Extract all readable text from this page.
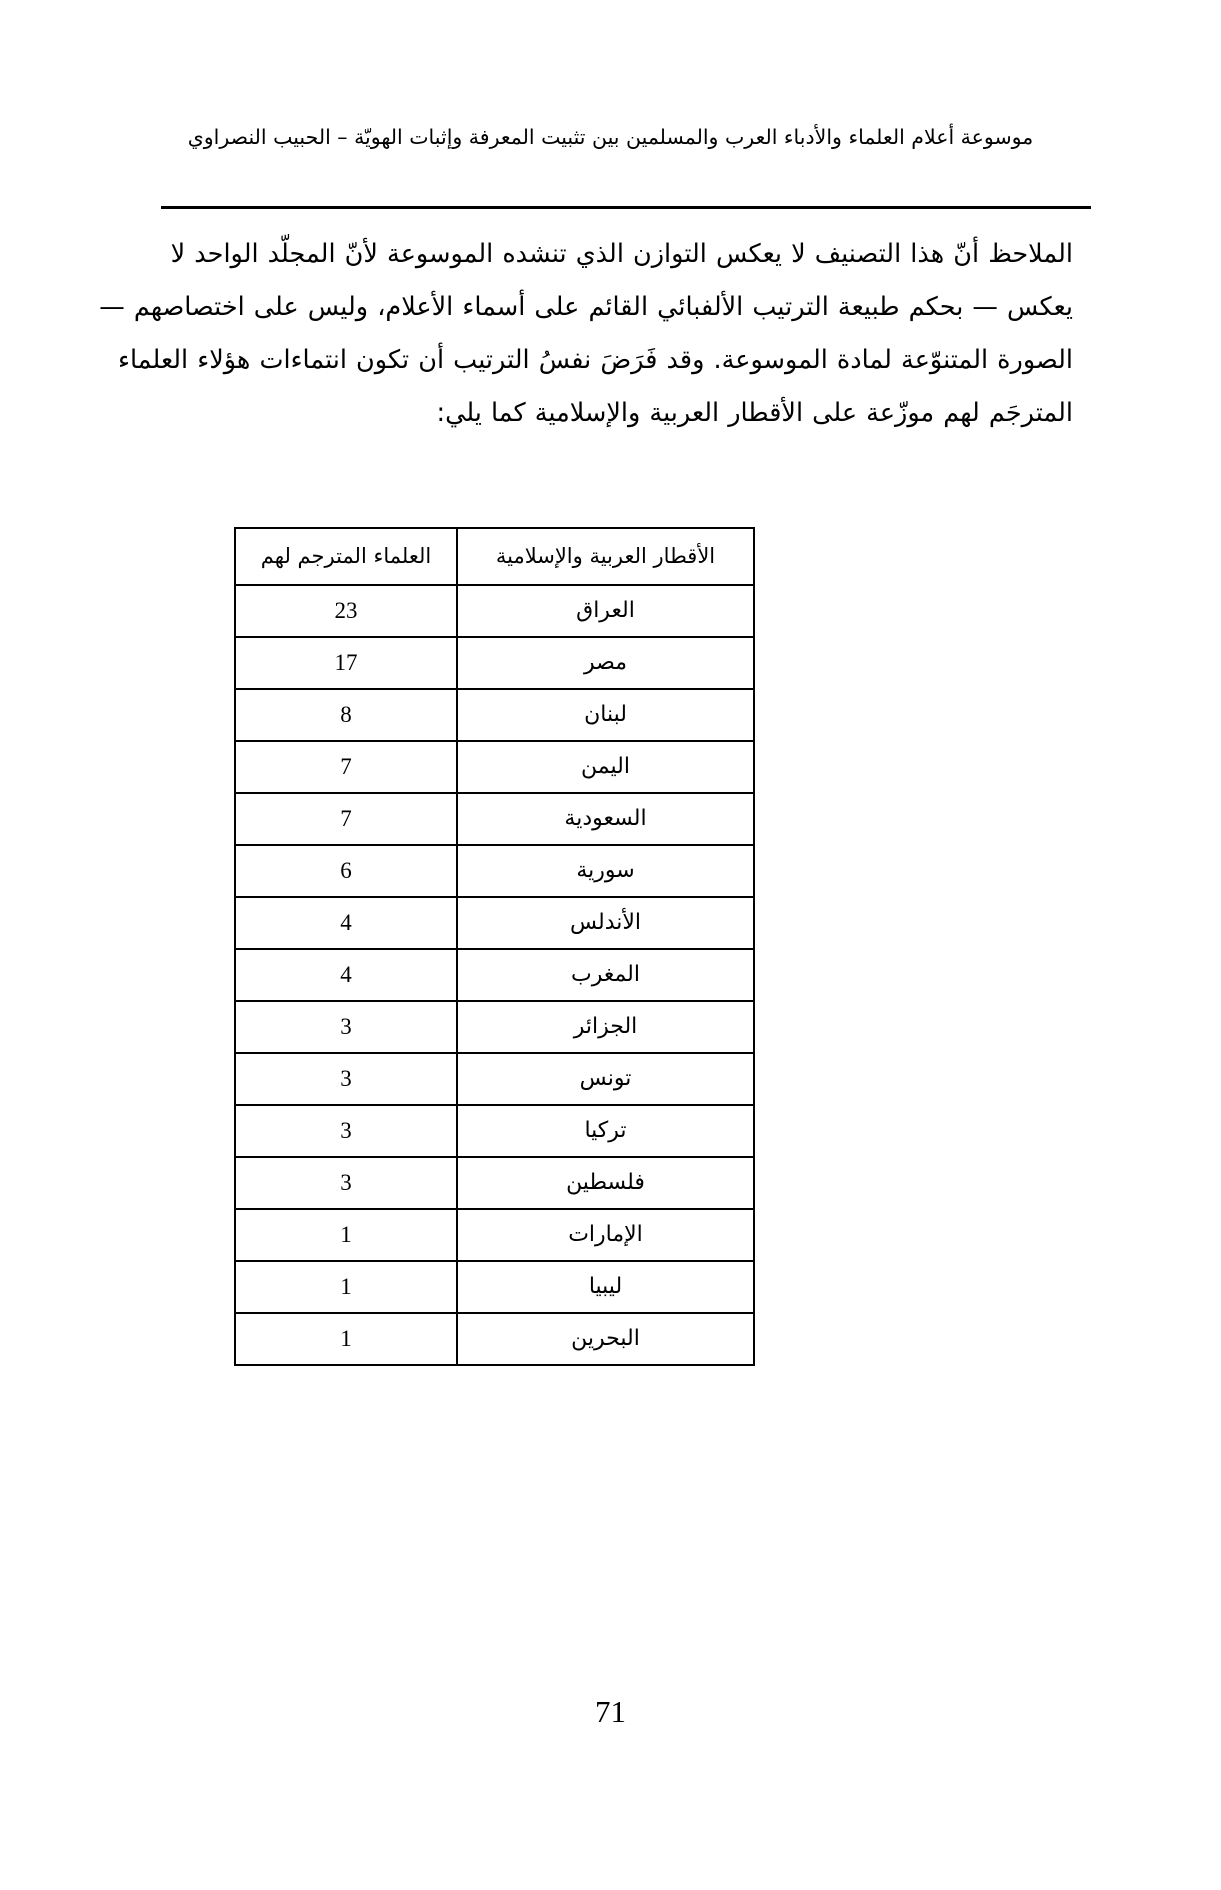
موسوعة أعلام العلماء والأدباء العرب والمسلمين بين تثبيت المعرفة وإثبات الهويّة – الحبيب النصراوي

الملاحظ أنّ هذا التصنيف لا يعكس التوازن الذي تنشده الموسوعة لأنّ المجلّد الواحد لا
يعكس — بحكم طبيعة الترتيب الألفبائي القائم على أسماء الأعلام، وليس على اختصاصهم —
الصورة المتنوّعة لمادة الموسوعة. وقد فَرَضَ نفسُ الترتيب أن تكون انتماءات هؤلاء العلماء
المترجَم لهم موزّعة على الأقطار العربية والإسلامية كما يلي:

الأقطار العربية والإسلامية	العلماء المترجم لهم
العراق	23
مصر	17
لبنان	8
اليمن	7
السعودية	7
سورية	6
الأندلس	4
المغرب	4
الجزائر	3
تونس	3
تركيا	3
فلسطين	3
الإمارات	1
ليبيا	1
البحرين	1
71
